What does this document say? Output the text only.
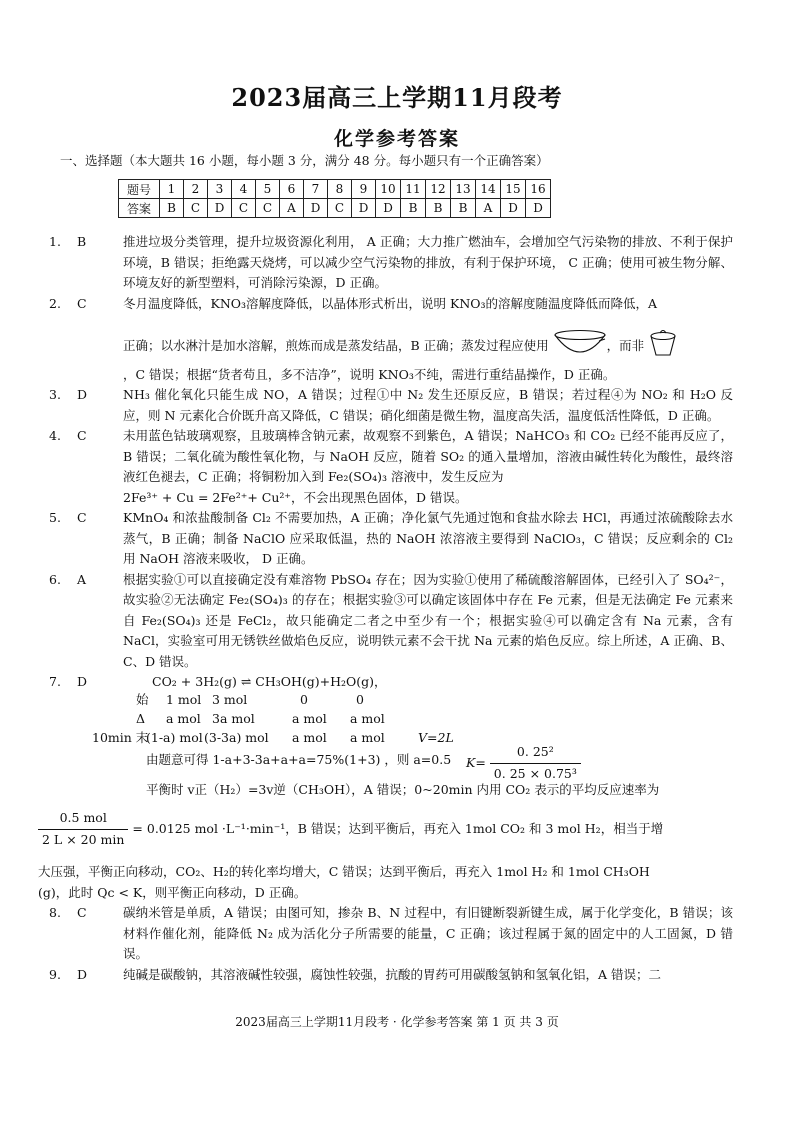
2023届高三上学期11月段考
化学参考答案
一、选择题（本大题共 16 小题，每小题 3 分，满分 48 分。每小题只有一个正确答案）
题号	1	2	3	4	5	6	7	8	9	10	11	12	13	14	15	16
答案	B	C	D	C	C	A	D	C	D	D	B	B	B	A	D	D
1. B	推进垃圾分类管理，提升垃圾资源化利用， A 正确；大力推广燃油车，会增加空气污染物的排放、不利于保护环境，B 错误；拒绝露天烧烤，可以减少空气污染物的排放，有利于保护环境， C 正确；使用可被生物分解、环境友好的新型塑料，可消除污染源，D 正确。

2. C	冬月温度降低，KNO₃溶解度降低，以晶体形式析出，说明 KNO₃的溶解度随温度降低而降低，A

正确；以水淋汁是加水溶解，煎炼而成是蒸发结晶，B 正确；蒸发过程应使用	，而非

，C 错误；根据“货者苟且，多不洁净”，说明 KNO₃不纯，需进行重结晶操作，D 正确。

3. D	NH₃ 催化氧化只能生成 NO，A 错误；过程①中 N₂ 发生还原反应，B 错误；若过程④为 NO₂ 和 H₂O 反应，则 N 元素化合价既升高又降低，C 错误；硝化细菌是微生物，温度高失活，温度低活性降低，D 正确。

4. C	未用蓝色钴玻璃观察，且玻璃棒含钠元素，故观察不到紫色，A 错误；NaHCO₃ 和 CO₂ 已经不能再反应了，B 错误；二氧化硫为酸性氧化物，与 NaOH 反应，随着 SO₂ 的通入量增加，溶液由碱性转化为酸性，最终溶液红色褪去，C 正确；将铜粉加入到 Fe₂(SO₄)₃ 溶液中，发生反应为

2Fe³⁺ + Cu = 2Fe²⁺+ Cu²⁺，不会出现黑色固体，D 错误。

5. C	KMnO₄ 和浓盐酸制备 Cl₂ 不需要加热，A 正确；净化氯气先通过饱和食盐水除去 HCl，再通过浓硫酸除去水蒸气，B 正确；制备 NaClO 应采取低温，热的 NaOH 浓溶液主要得到 NaClO₃，C 错误；反应剩余的 Cl₂ 用 NaOH 溶液来吸收， D 正确。

6. A	根据实验①可以直接确定没有难溶物 PbSO₄ 存在；因为实验①使用了稀硫酸溶解固体，已经引入了 SO₄²⁻，故实验②无法确定 Fe₂(SO₄)₃ 的存在；根据实验③可以确定该固体中存在 Fe 元素，但是无法确定 Fe 元素来自 Fe₂(SO₄)₃ 还是 FeCl₂，故只能确定二者之中至少有一个；根据实验④可以确定含有 Na 元素，含有 NaCl，实验室可用无锈铁丝做焰色反应，说明铁元素不会干扰 Na 元素的焰色反应。综上所述，A 正确、B、C、D 错误。

7. D	CO₂ + 3H₂(g) ⇌ CH₃OH(g)+H₂O(g)，
始 1 mol 3 mol	0	0
Δ a mol 3a mol	a mol a mol
10min 末
(1-a) mol (3-3a) mol a mol a mol	V=2L
由题意可得 1-a+3-3a+a+a=75%(1+3) ，则 a=0.5 $K= \frac{\text{0. 25²}}{\text{0. 25 × 0.75³}}$
平衡时 v正（H₂）=3v逆（CH₃OH），A 错误；0~20min 内用 CO₂ 表示的平均反应速率为
$\frac{\text{0.5 mol}}{2 L \times 20 \min} = 0.0125$ mol ·L⁻¹·min⁻¹，B 错误；达到平衡后，再充入 1mol CO₂ 和 3 mol H₂，相当于增

大压强，平衡正向移动，CO₂、H₂的转化率均增大，C 错误；达到平衡后，再充入 1mol H₂ 和 1mol CH₃OH

(g)，此时 Qc < K，则平衡正向移动，D 正确。

8. C	碳纳米管是单质，A 错误；由图可知，掺杂 B、N 过程中，有旧键断裂新键生成，属于化学变化，B 错误；该材料作催化剂，能降低 N₂ 成为活化分子所需要的能量，C 正确；该过程属于氮的固定中的人工固氮，D 错误。

9. D	纯碱是碳酸钠，其溶液碱性较强，腐蚀性较强，抗酸的胃药可用碳酸氢钠和氢氧化铝，A 错误；二

2023届高三上学期11月段考 · 化学参考答案 第 1 页 共 3 页
